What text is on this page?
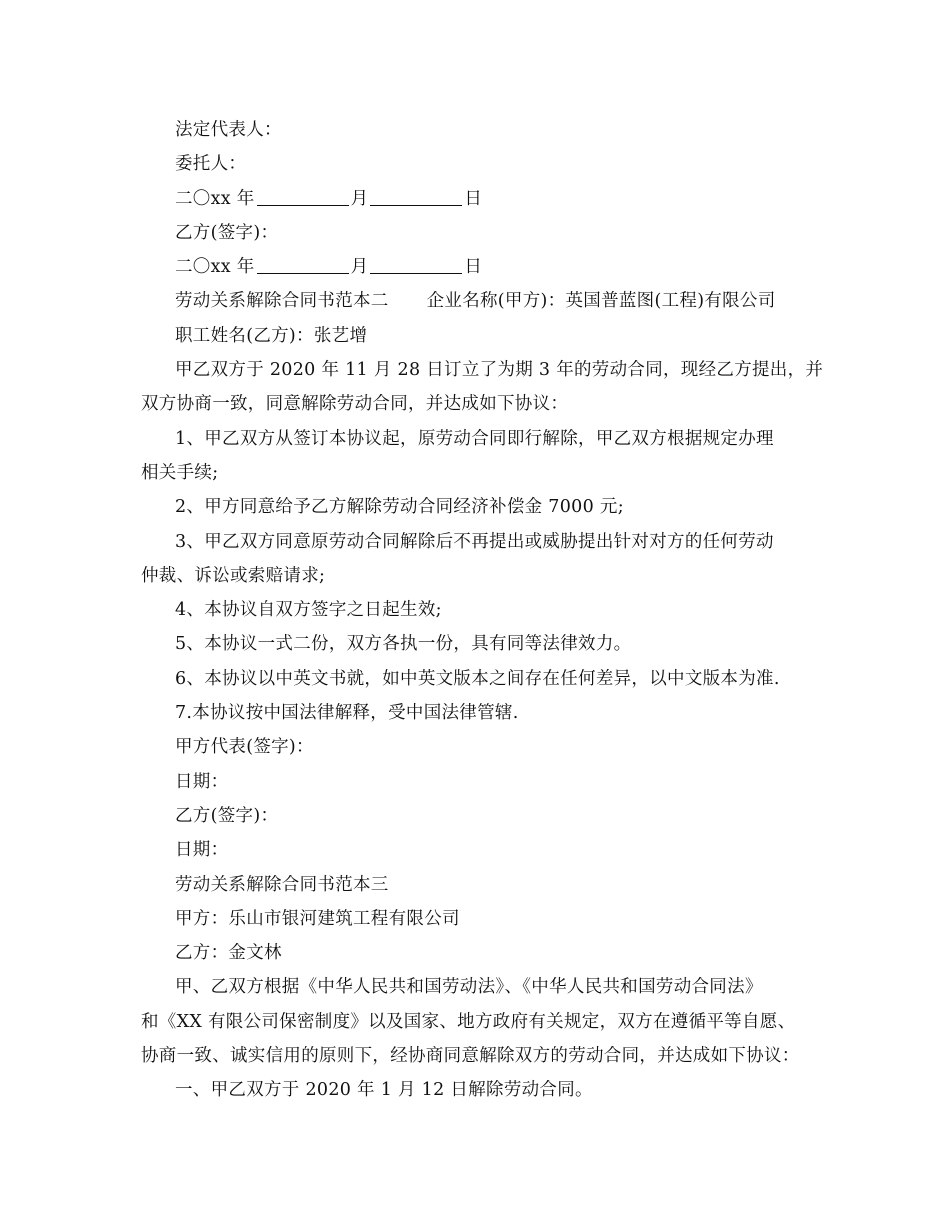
法定代表人：
委托人：
二〇xx 年	月	日
乙方(签字)：
二〇xx 年	月	日
劳动关系解除合同书范本二 企业名称(甲方)：英国普蓝图(工程)有限公司
职工姓名(乙方)：张艺增
甲乙双方于 2020 年 11 月 28 日订立了为期 3 年的劳动合同，现经乙方提出，并
双方协商一致，同意解除劳动合同，并达成如下协议：
1、甲乙双方从签订本协议起，原劳动合同即行解除，甲乙双方根据规定办理
相关手续;
2、甲方同意给予乙方解除劳动合同经济补偿金 7000 元;
3、甲乙双方同意原劳动合同解除后不再提出或威胁提出针对对方的任何劳动
仲裁、诉讼或索赔请求;
4、本协议自双方签字之日起生效;
5、本协议一式二份，双方各执一份，具有同等法律效力。
6、本协议以中英文书就，如中英文版本之间存在任何差异，以中文版本为准.
7.本协议按中国法律解释，受中国法律管辖.
甲方代表(签字)：
日期：
乙方(签字)：
日期：
劳动关系解除合同书范本三
甲方：乐山市银河建筑工程有限公司
乙方：金文林
甲、乙双方根据《中华人民共和国劳动法》、《中华人民共和国劳动合同法》
和《XX 有限公司保密制度》以及国家、地方政府有关规定，双方在遵循平等自愿、
协商一致、诚实信用的原则下，经协商同意解除双方的劳动合同，并达成如下协议：
一、甲乙双方于 2020 年 1 月 12 日解除劳动合同。
